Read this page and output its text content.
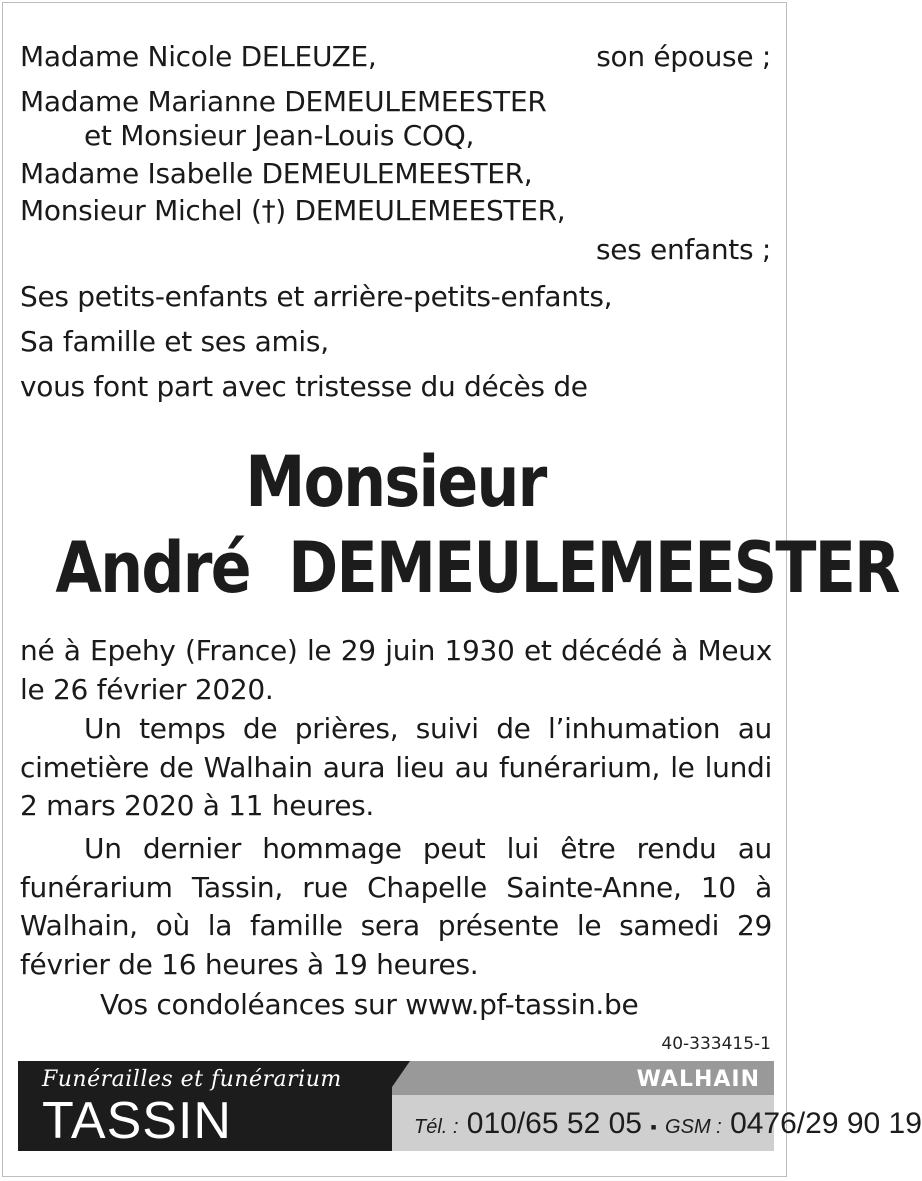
Madame Nicole DELEUZE,	son épouse ;
Madame Marianne DEMEULEMEESTER
et Monsieur Jean-Louis COQ,
Madame Isabelle DEMEULEMEESTER,
Monsieur Michel (†) DEMEULEMEESTER,
ses enfants ;
Ses petits-enfants et arrière-petits-enfants,
Sa famille et ses amis,
vous font part avec tristesse du décès de
Monsieur
André  DEMEULEMEESTER
né à Epehy (France) le 29 juin 1930 et décédé à Meux le 26 février 2020.
Un temps de prières, suivi de l’inhumation au cimetière de Walhain aura lieu au funérarium, le lundi 2 mars 2020 à 11 heures.
Un dernier hommage peut lui être rendu au funérarium Tassin, rue Chapelle Sainte-Anne, 10 à Walhain, où la famille sera présente le samedi 29 février de 16 heures à 19 heures.
Vos condoléances sur www.pf-tassin.be
40-333415-1
Funérailles et funérarium
TASSIN
WALHAIN
Tél. : 010/65 52 05 ▪ GSM : 0476/29 90 19
